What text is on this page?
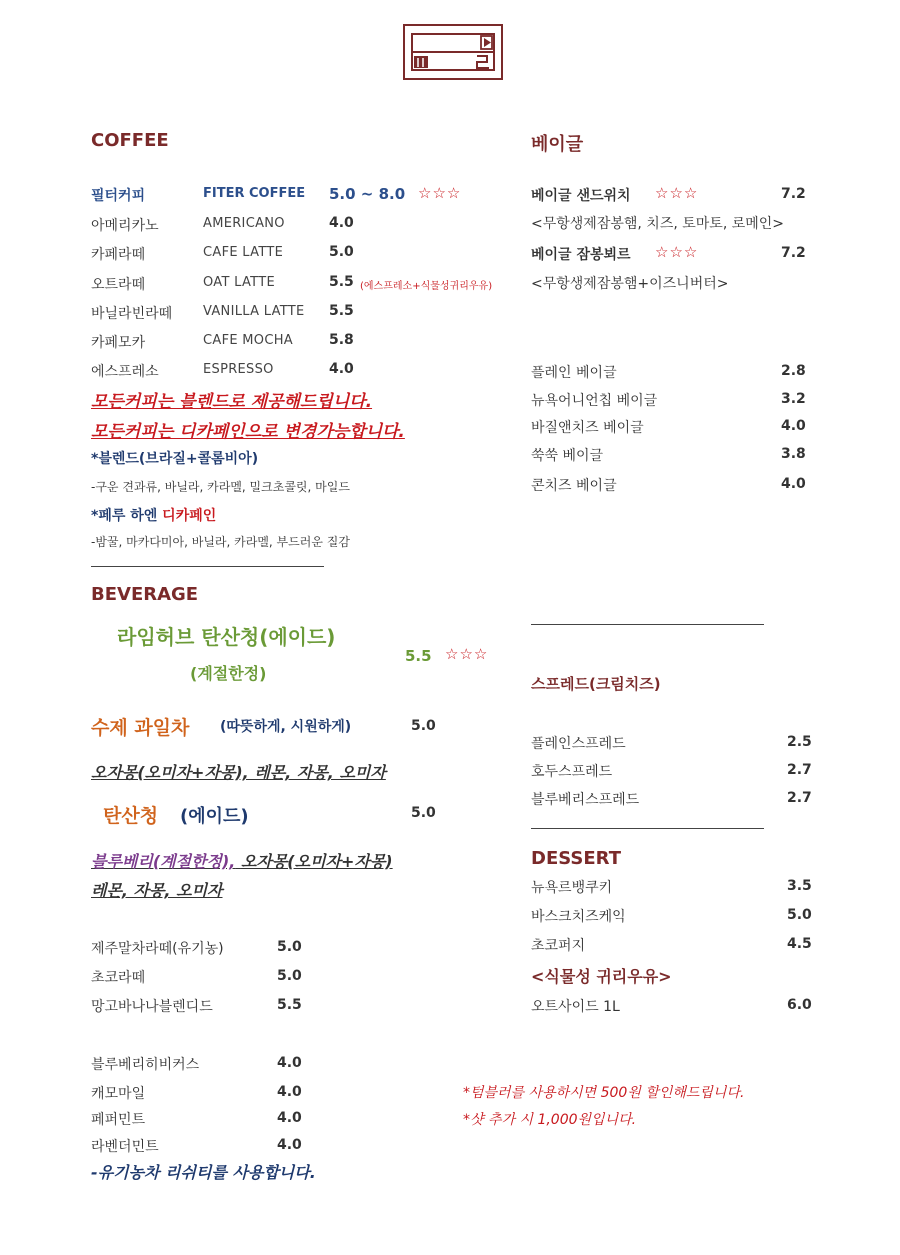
COFFEE
필터커피	FITER COFFEE 5.0 ~ 8.0 ☆☆☆
아메리카노	AMERICANO	4.0
카페라떼	CAFE LATTE	5.0
오트라떼	OAT LATTE	5.5 (에스프레소+식물성귀리우유)
바닐라빈라떼 VANILLA LATTE 5.5
카페모카	CAFE MOCHA	5.8
에스프레소	ESPRESSO	4.0
모든커피는 블렌드로 제공해드립니다.
모든커피는 디카페인으로 변경가능합니다.
*블렌드(브라질+콜롬비아)
-구운 견과류, 바닐라, 카라멜, 밀크초콜릿, 마일드
*페루 하엔 디카페인
-밤꿀, 마카다미아, 바닐라, 카라멜, 부드러운 질감
BEVERAGE
라임허브 탄산청(에이드)
(계절한정)
5.5 ☆☆☆
수제 과일차 (따뜻하게, 시원하게)	5.0
오자몽(오미자+자몽), 레몬, 자몽, 오미자
탄산청 (에이드)	5.0
블루베리(계절한정), 오자몽(오미자+자몽)
레몬, 자몽, 오미자
제주말차라떼(유기농)	5.0
초코라떼	5.0
망고바나나블렌디드	5.5
블루베리히비커스	4.0
캐모마일	4.0
페퍼민트	4.0
라벤더민트	4.0
-유기농차 리쉬티를 사용합니다.
베이글
베이글 샌드위치 ☆☆☆	7.2
<무항생제잠봉햄, 치즈, 토마토, 로메인>
베이글 잠봉뵈르 ☆☆☆	7.2
<무항생제잠봉햄+이즈니버터>
플레인 베이글	2.8
뉴욕어니언칩 베이글	3.2
바질앤치즈 베이글	4.0
쑥쑥 베이글	3.8
콘치즈 베이글	4.0
스프레드(크림치즈)
플레인스프레드	2.5
호두스프레드	2.7
블루베리스프레드	2.7
DESSERT
뉴욕르뱅쿠키	3.5
바스크치즈케익	5.0
초코퍼지	4.5
<식물성 귀리우유>
오트사이드 1L	6.0
*텀블러를 사용하시면 500원 할인해드립니다.
*샷 추가 시 1,000원입니다.
